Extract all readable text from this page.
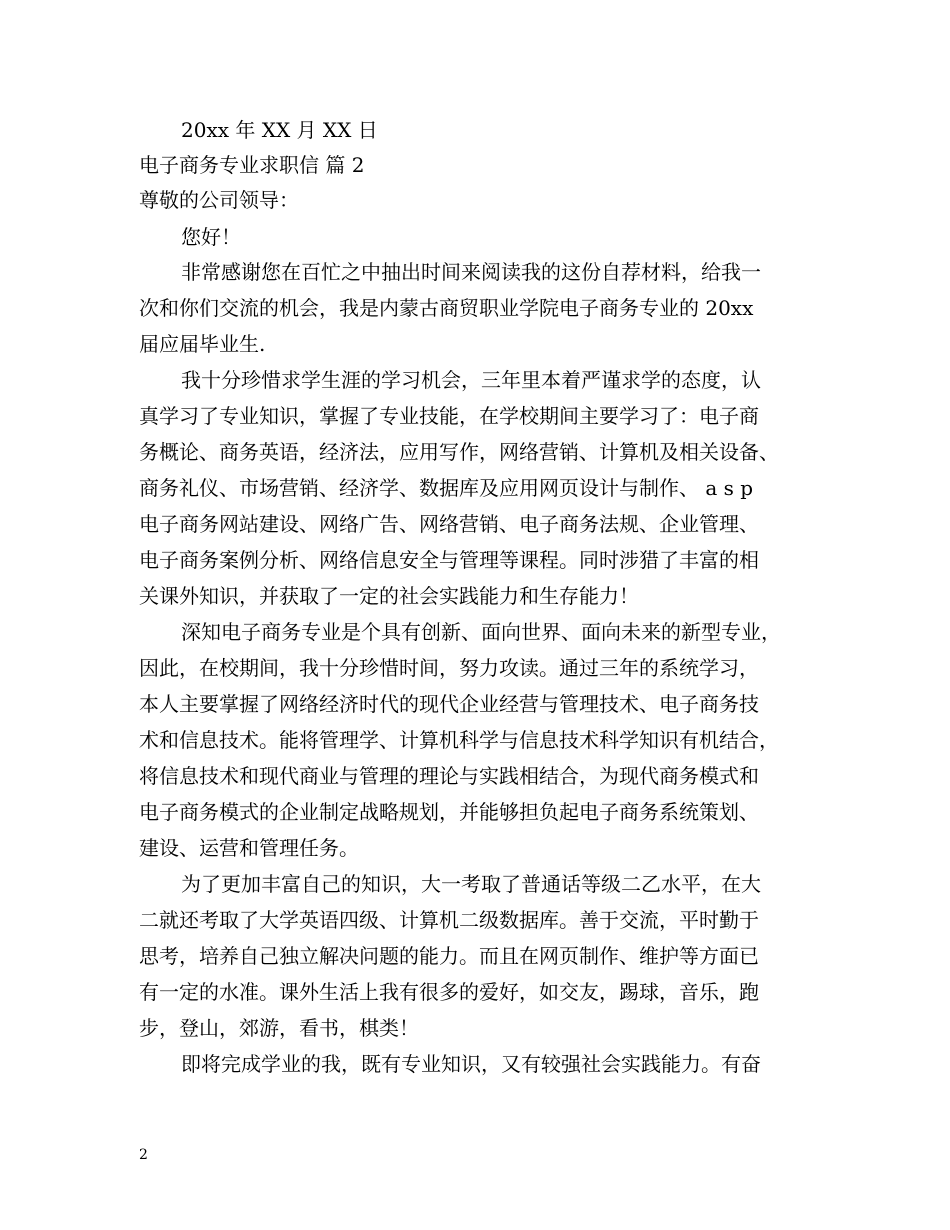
20xx 年 XX 月 XX 日
电子商务专业求职信 篇 2
尊敬的公司领导：
您好！
非常感谢您在百忙之中抽出时间来阅读我的这份自荐材料，给我一
次和你们交流的机会，我是内蒙古商贸职业学院电子商务专业的 20xx
届应届毕业生.
我十分珍惜求学生涯的学习机会，三年里本着严谨求学的态度，认
真学习了专业知识，掌握了专业技能，在学校期间主要学习了：电子商
务概论、商务英语，经济法，应用写作，网络营销、计算机及相关设备、
商务礼仪、市场营销、经济学、数据库及应用网页设计与制作、 a s p
电子商务网站建设、网络广告、网络营销、电子商务法规、企业管理、
电子商务案例分析、网络信息安全与管理等课程。同时涉猎了丰富的相
关课外知识，并获取了一定的社会实践能力和生存能力！
深知电子商务专业是个具有创新、面向世界、面向未来的新型专业，
因此，在校期间，我十分珍惜时间，努力攻读。通过三年的系统学习，
本人主要掌握了网络经济时代的现代企业经营与管理技术、电子商务技
术和信息技术。能将管理学、计算机科学与信息技术科学知识有机结合，
将信息技术和现代商业与管理的理论与实践相结合，为现代商务模式和
电子商务模式的企业制定战略规划，并能够担负起电子商务系统策划、
建设、运营和管理任务。
为了更加丰富自己的知识，大一考取了普通话等级二乙水平，在大
二就还考取了大学英语四级、计算机二级数据库。善于交流，平时勤于
思考，培养自己独立解决问题的能力。而且在网页制作、维护等方面已
有一定的水准。课外生活上我有很多的爱好，如交友，踢球，音乐，跑
步，登山，郊游，看书，棋类！
即将完成学业的我，既有专业知识，又有较强社会实践能力。有奋
2
